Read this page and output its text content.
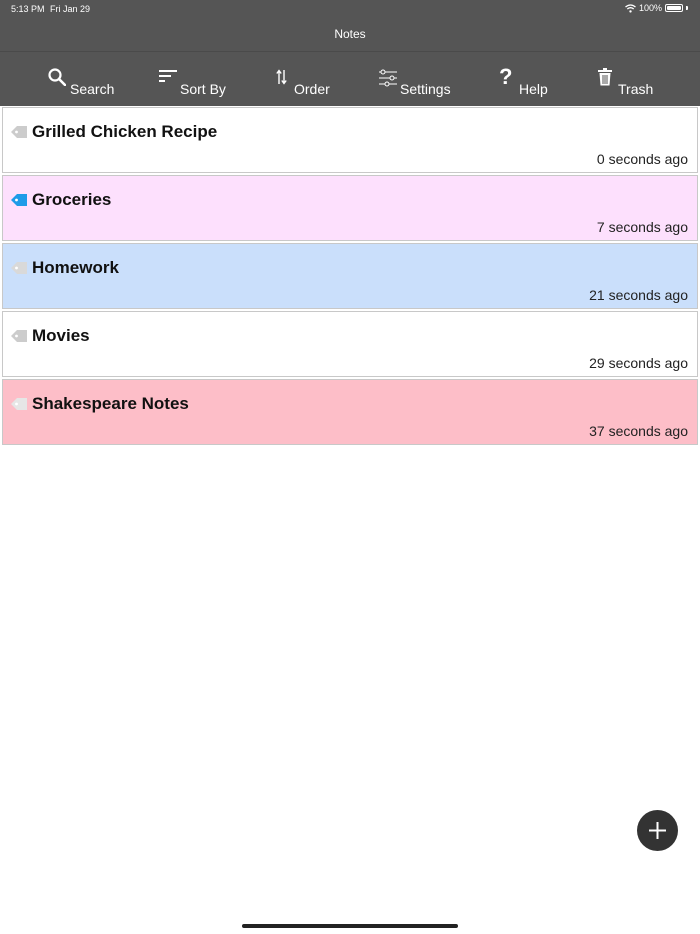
5:13 PM Fri Jan 29	100%
Notes
Search	Sort By	Order	Settings ? Help	Trash
Grilled Chicken Recipe
0 seconds ago
Groceries
7 seconds ago
Homework
21 seconds ago
Movies
29 seconds ago
Shakespeare Notes
37 seconds ago
